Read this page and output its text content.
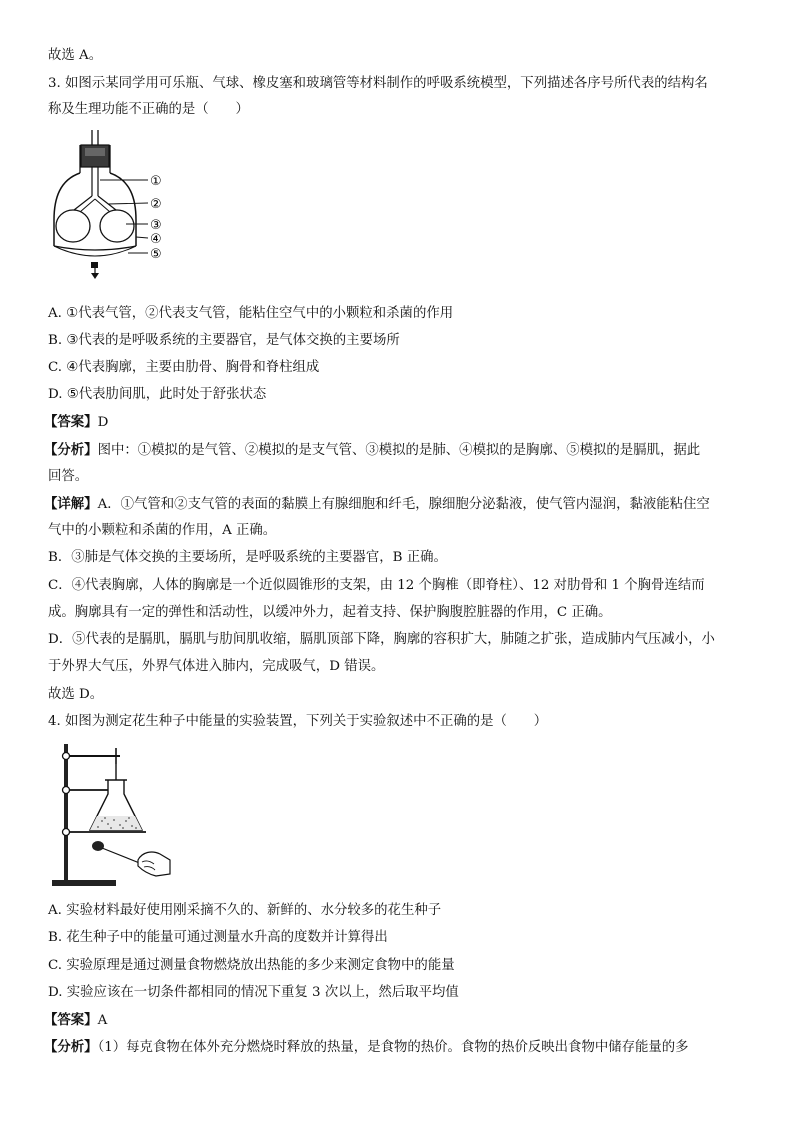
故选 A。
3. 如图示某同学用可乐瓶、气球、橡皮塞和玻璃管等材料制作的呼吸系统模型，下列描述各序号所代表的结构名
称及生理功能不正确的是（　　）
①
②
③
④
⑤
A. ①代表气管，②代表支气管，能粘住空气中的小颗粒和杀菌的作用
B. ③代表的是呼吸系统的主要器官，是气体交换的主要场所
C. ④代表胸廓，主要由肋骨、胸骨和脊柱组成
D. ⑤代表肋间肌，此时处于舒张状态
【答案】D
【分析】图中：①模拟的是气管、②模拟的是支气管、③模拟的是肺、④模拟的是胸廓、⑤模拟的是膈肌，据此
回答。
【详解】A．①气管和②支气管的表面的黏膜上有腺细胞和纤毛，腺细胞分泌黏液，使气管内湿润，黏液能粘住空
气中的小颗粒和杀菌的作用，A 正确。
B．③肺是气体交换的主要场所，是呼吸系统的主要器官，B 正确。
C．④代表胸廓，人体的胸廓是一个近似圆锥形的支架，由 12 个胸椎（即脊柱）、12 对肋骨和 1 个胸骨连结而
成。胸廓具有一定的弹性和活动性，以缓冲外力，起着支持、保护胸腹腔脏器的作用，C 正确。
D．⑤代表的是膈肌，膈肌与肋间肌收缩，膈肌顶部下降，胸廓的容积扩大，肺随之扩张，造成肺内气压减小，小
于外界大气压，外界气体进入肺内，完成吸气，D 错误。
故选 D。
4. 如图为测定花生种子中能量的实验装置，下列关于实验叙述中不正确的是（　　）
A. 实验材料最好使用刚采摘不久的、新鲜的、水分较多的花生种子
B. 花生种子中的能量可通过测量水升高的度数并计算得出
C. 实验原理是通过测量食物燃烧放出热能的多少来测定食物中的能量
D. 实验应该在一切条件都相同的情况下重复 3 次以上，然后取平均值
【答案】A
【分析】（1）每克食物在体外充分燃烧时释放的热量，是食物的热价。食物的热价反映出食物中储存能量的多
